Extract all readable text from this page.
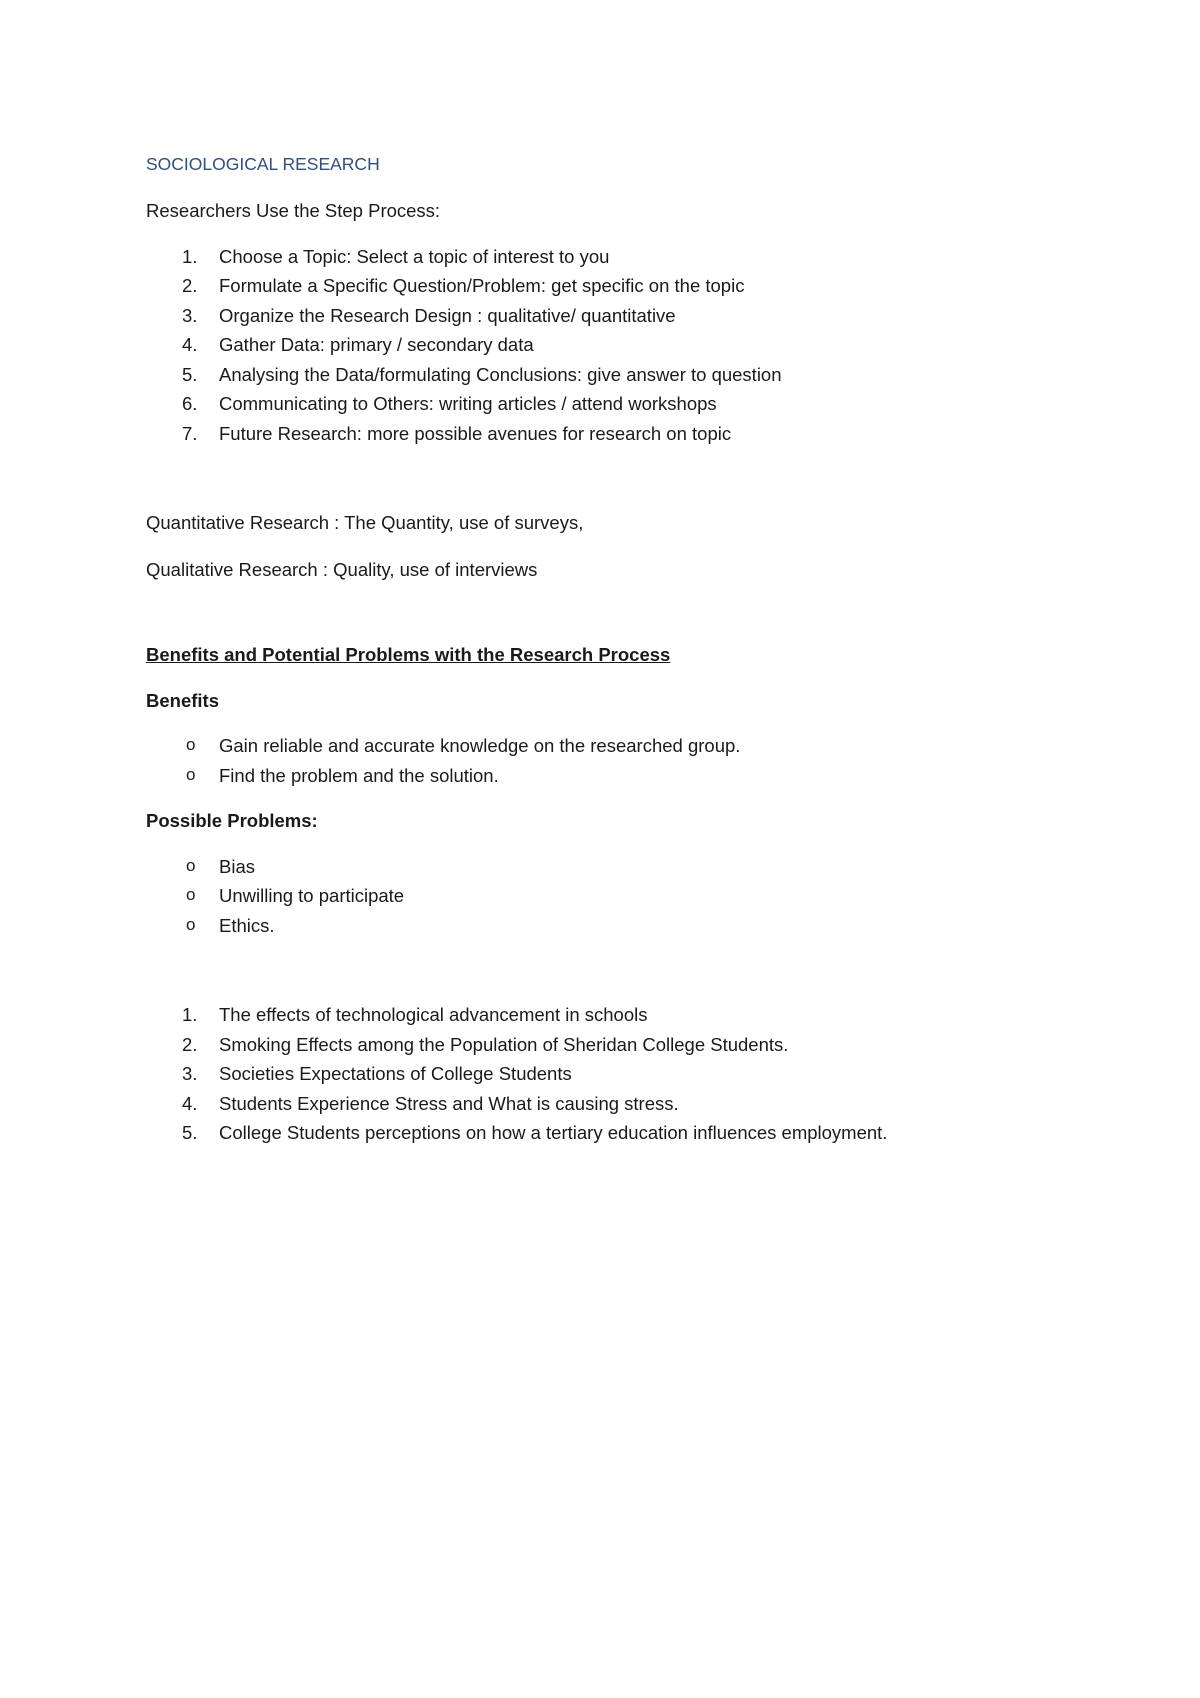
SOCIOLOGICAL RESEARCH

Researchers Use the Step Process:

1. Choose a Topic: Select a topic of interest to you
2. Formulate a Specific Question/Problem: get specific on the topic
3. Organize the Research Design : qualitative/ quantitative
4. Gather Data: primary / secondary data
5. Analysing the Data/formulating Conclusions: give answer to question
6. Communicating to Others: writing articles / attend workshops
7. Future Research: more possible avenues for research on topic

Quantitative Research : The Quantity, use of surveys,

Qualitative Research : Quality, use of interviews

Benefits and Potential Problems with the Research Process

Benefits

o Gain reliable and accurate knowledge on the researched group.
o Find the problem and the solution.

Possible Problems:

o Bias
o Unwilling to participate
o Ethics.
1. The effects of technological advancement in schools
2. Smoking Effects among the Population of Sheridan College Students.
3. Societies Expectations of College Students
4. Students Experience Stress and What is causing stress.
5. College Students perceptions on how a tertiary education influences employment.
